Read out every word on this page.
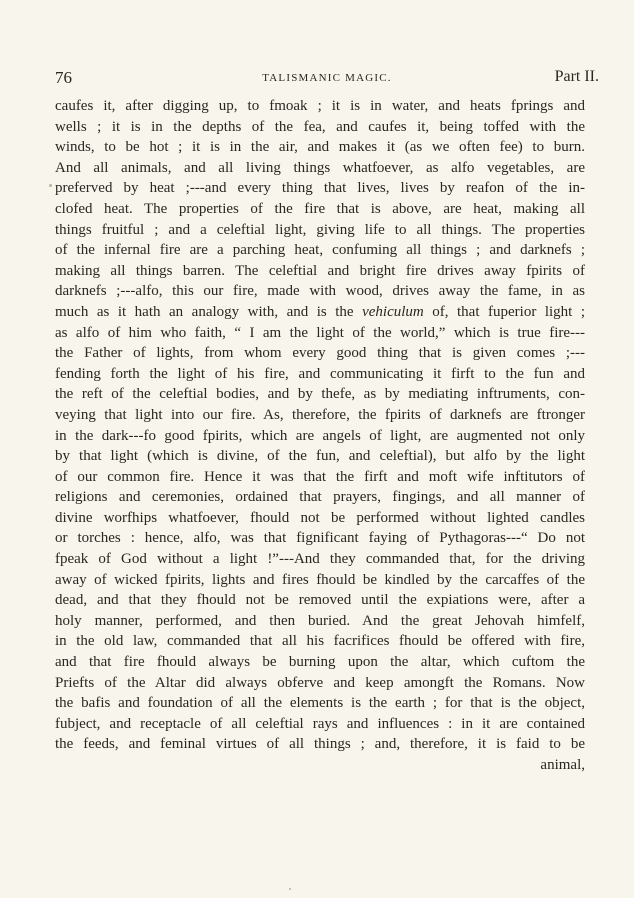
76	TALISMANIC MAGIC.	Part II.
caufes it, after digging up, to fmoak ; it is in water, and heats fprings and
wells ; it is in the depths of the fea, and caufes it, being toffed with the
winds, to be hot ; it is in the air, and makes it (as we often fee) to burn.
And all animals, and all living things whatfoever, as alfo vegetables, are
preferved by heat ;---and every thing that lives, lives by reafon of the in-
clofed heat. The properties of the fire that is above, are heat, making all
things fruitful ; and a celeftial light, giving life to all things. The properties
of the infernal fire are a parching heat, confuming all things ; and darknefs ;
making all things barren. The celeftial and bright fire drives away fpirits of
darknefs ;---alfo, this our fire, made with wood, drives away the fame, in as
much as it hath an analogy with, and is the vehiculum of, that fuperior light ;
as alfo of him who faith, “ I am the light of the world,” which is true fire---
the Father of lights, from whom every good thing that is given comes ;---
fending forth the light of his fire, and communicating it firft to the fun and
the reft of the celeftial bodies, and by thefe, as by mediating inftruments, con-
veying that light into our fire. As, therefore, the fpirits of darknefs are ftronger
in the dark---fo good fpirits, which are angels of light, are augmented not only
by that light (which is divine, of the fun, and celeftial), but alfo by the light
of our common fire. Hence it was that the firft and moft wife inftitutors of
religions and ceremonies, ordained that prayers, fingings, and all manner of
divine worfhips whatfoever, fhould not be performed without lighted candles
or torches : hence, alfo, was that fignificant faying of Pythagoras---“ Do not
fpeak of God without a light !”---And they commanded that, for the driving
away of wicked fpirits, lights and fires fhould be kindled by the carcaffes of the
dead, and that they fhould not be removed until the expiations were, after a
holy manner, performed, and then buried. And the great Jehovah himfelf,
in the old law, commanded that all his facrifices fhould be offered with fire,
and that fire fhould always be burning upon the altar, which cuftom the
Priefts of the Altar did always obferve and keep amongft the Romans. Now
the bafis and foundation of all the elements is the earth ; for that is the object,
fubject, and receptacle of all celeftial rays and influences : in it are contained
the feeds, and feminal virtues of all things ; and, therefore, it is faid to be
animal,
